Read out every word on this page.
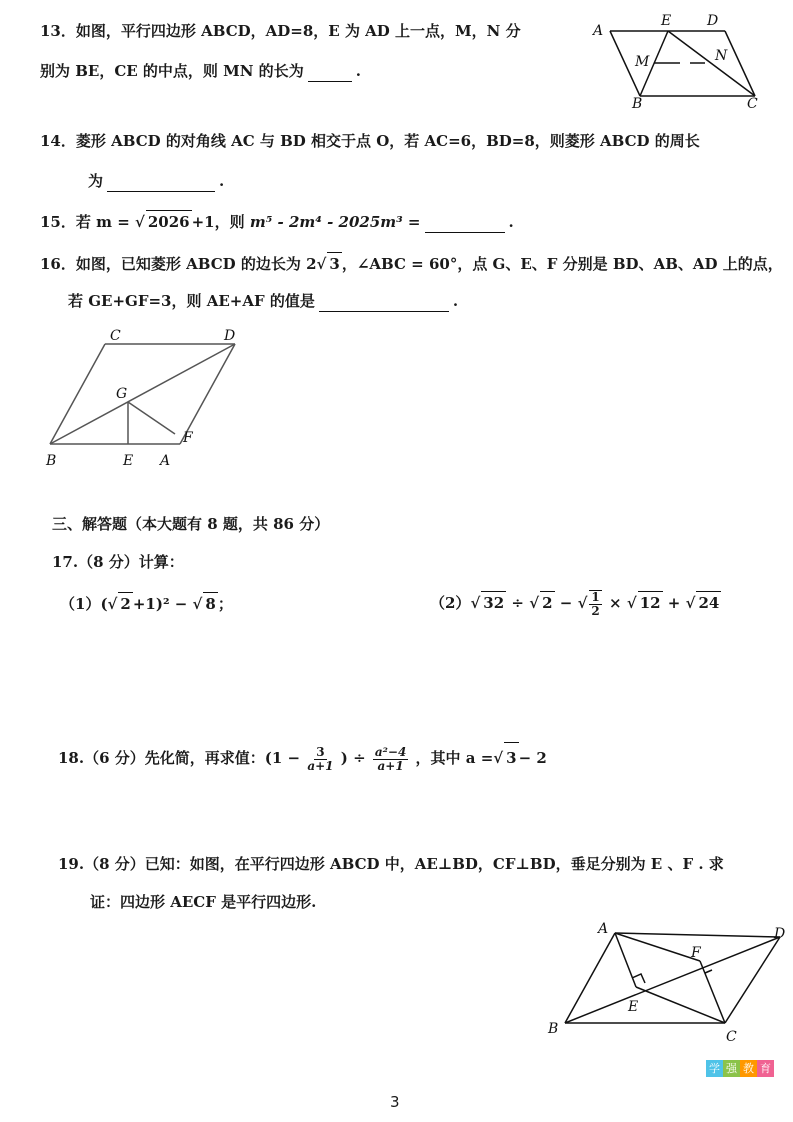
13．如图，平行四边形 ABCD，AD=8，E 为 AD 上一点，M，N 分
别为 BE，CE 的中点，则 MN 的长为	.
A
E	D
M	N
B	C
14．菱形 ABCD 的对角线 AC 与 BD 相交于点 O，若 AC=6，BD=8，则菱形 ABCD 的周长
为	.
15．若 m = √ 2026 +1，则 m⁵ - 2m⁴ - 2025m³ =	.
16．如图，已知菱形 ABCD 的边长为 2√ 3 ，∠ABC = 60°，点 G、E、F 分别是 BD、AB、AD 上的点，
若 GE+GF=3，则 AE+AF 的值是	.
C	D
G
B	E A
F
三、解答题（本大题有 8 题，共 86 分）
17.（8 分）计算：
（1）(√ 2 +1)² − √ 8 ；	（2）√ 32 ÷ √ 2 − √ $\frac{1}{2}$ × √ 12 + √ 24
18.（6 分）先化简，再求值：($1 - \frac{3}{a+1}$ ) ÷ $\frac{\text{a²−4}}{a+1}$ ，其中 a =√ 3 − 2
19.（8 分）已知：如图，在平行四边形 ABCD 中，AE⊥BD，CF⊥BD，垂足分别为 E 、F . 求
证：四边形 AECF 是平行四边形.
A	D
F
E
B	C
学 强 教 育
3
